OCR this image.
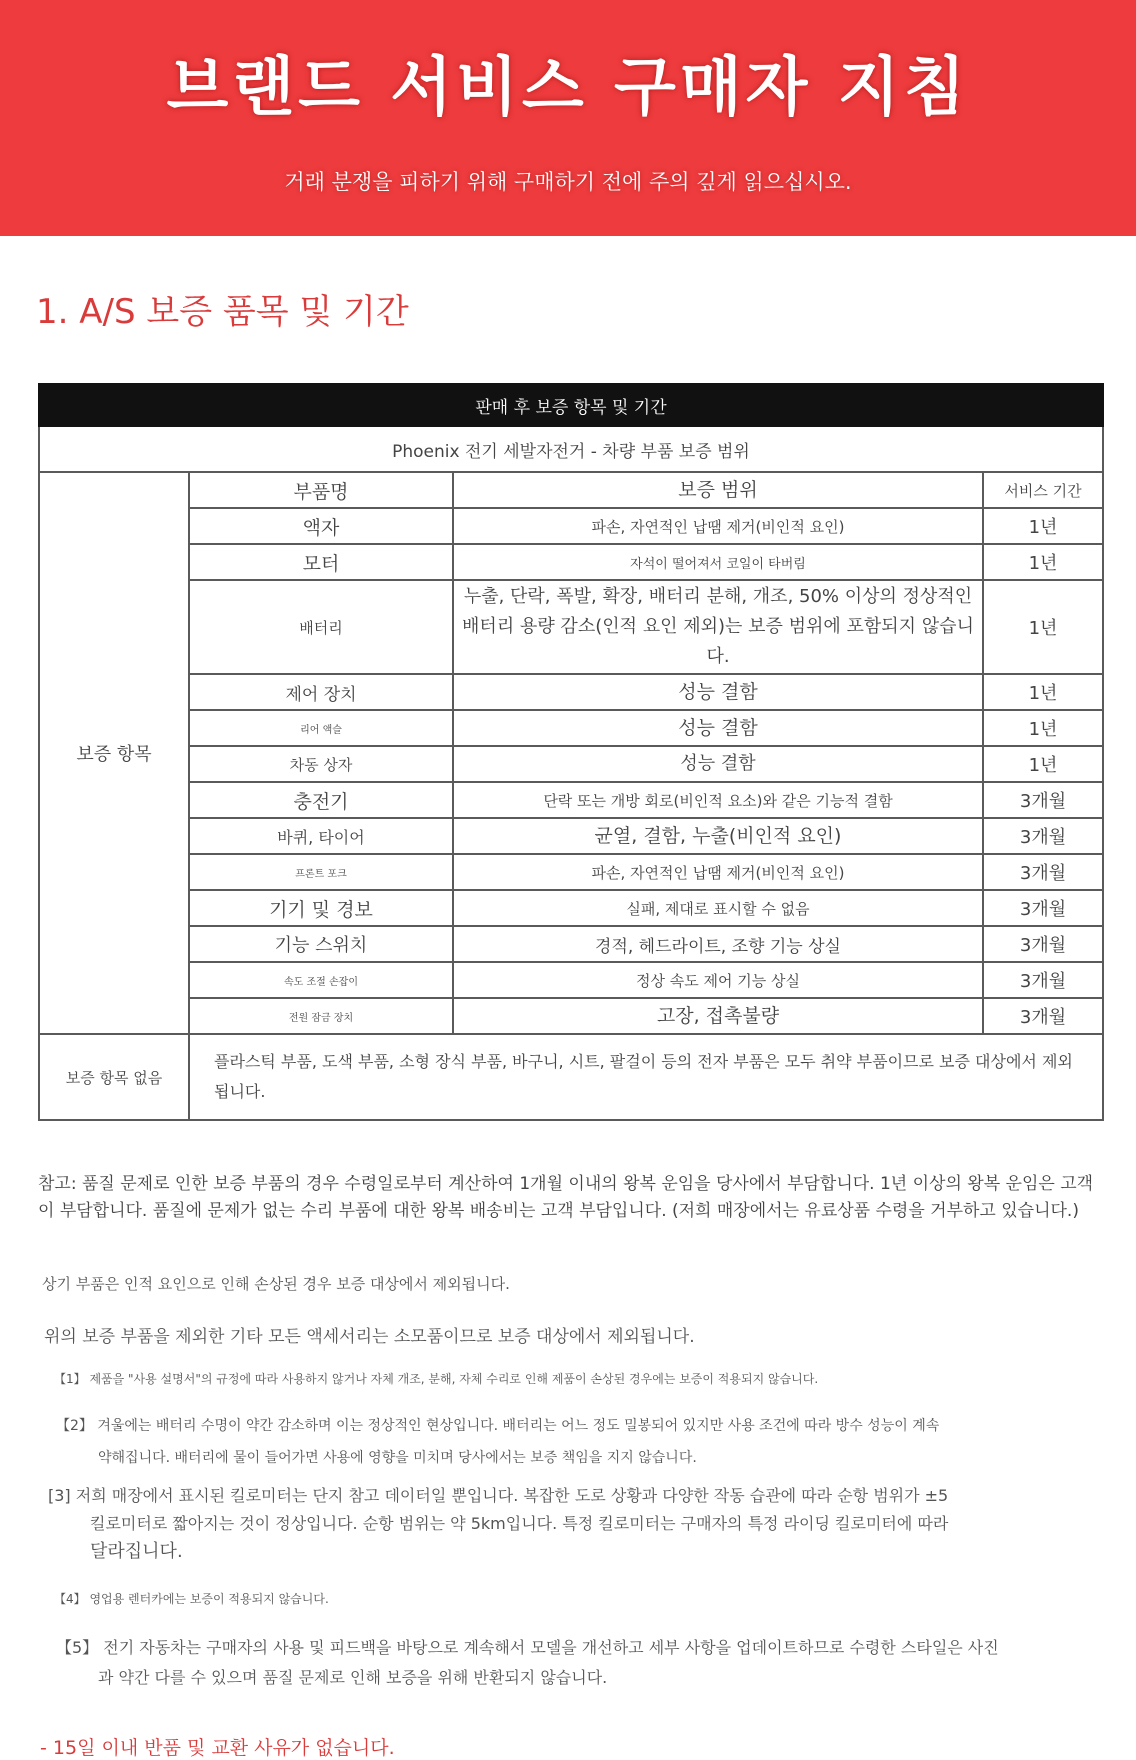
브랜드 서비스 구매자 지침
거래 분쟁을 피하기 위해 구매하기 전에 주의 깊게 읽으십시오.
1. A/S 보증 품목 및 기간
판매 후 보증 항목 및 기간			
Phoenix 전기 세발자전거 - 차량 부품 보증 범위			
보증 항목	부품명	보증 범위	서비스 기간
	액자	파손, 자연적인 납땜 제거(비인적 요인)	1년
	모터	자석이 떨어져서 코일이 타버림	1년
	배터리	누출, 단락, 폭발, 확장, 배터리 분해, 개조, 50% 이상의 정상적인 배터리 용량 감소(인적 요인 제외)는 보증 범위에 포함되지 않습니다.	1년
	제어 장치	성능 결함	1년
	리어 액슬	성능 결함	1년
	차동 상자	성능 결함	1년
	충전기	단락 또는 개방 회로(비인적 요소)와 같은 기능적 결함	3개월
	바퀴, 타이어	균열, 결함, 누출(비인적 요인)	3개월
	프론트 포크	파손, 자연적인 납땜 제거(비인적 요인)	3개월
	기기 및 경보	실패, 제대로 표시할 수 없음	3개월
	기능 스위치	경적, 헤드라이트, 조향 기능 상실	3개월
	속도 조절 손잡이	정상 속도 제어 기능 상실	3개월
	전원 잠금 장치	고장, 접촉불량	3개월
보증 항목 없음	플라스틱 부품, 도색 부품, 소형 장식 부품, 바구니, 시트, 팔걸이 등의 전자 부품은 모두 취약 부품이므로 보증 대상에서 제외됩니다.		

참고: 품질 문제로 인한 보증 부품의 경우 수령일로부터 계산하여 1개월 이내의 왕복 운임을 당사에서 부담합니다. 1년 이상의 왕복 운임은 고객이 부담합니다. 품질에 문제가 없는 수리 부품에 대한 왕복 배송비는 고객 부담입니다. (저희 매장에서는 유료상품 수령을 거부하고 있습니다.)

상기 부품은 인적 요인으로 인해 손상된 경우 보증 대상에서 제외됩니다.

위의 보증 부품을 제외한 기타 모든 액세서리는 소모품이므로 보증 대상에서 제외됩니다.

【1】 제품을 "사용 설명서"의 규정에 따라 사용하지 않거나 자체 개조, 분해, 자체 수리로 인해 제품이 손상된 경우에는 보증이 적용되지 않습니다.

【2】 겨울에는 배터리 수명이 약간 감소하며 이는 정상적인 현상입니다. 배터리는 어느 정도 밀봉되어 있지만 사용 조건에 따라 방수 성능이 계속
약해집니다. 배터리에 물이 들어가면 사용에 영향을 미치며 당사에서는 보증 책임을 지지 않습니다.

[3] 저희 매장에서 표시된 킬로미터는 단지 참고 데이터일 뿐입니다. 복잡한 도로 상황과 다양한 작동 습관에 따라 순항 범위가 ±5
킬로미터로 짧아지는 것이 정상입니다. 순항 범위는 약 5km입니다. 특정 킬로미터는 구매자의 특정 라이딩 킬로미터에 따라
달라집니다.

【4】 영업용 렌터카에는 보증이 적용되지 않습니다.

【5】 전기 자동차는 구매자의 사용 및 피드백을 바탕으로 계속해서 모델을 개선하고 세부 사항을 업데이트하므로 수령한 스타일은 사진
과 약간 다를 수 있으며 품질 문제로 인해 보증을 위해 반환되지 않습니다.

- 15일 이내 반품 및 교환 사유가 없습니다.
